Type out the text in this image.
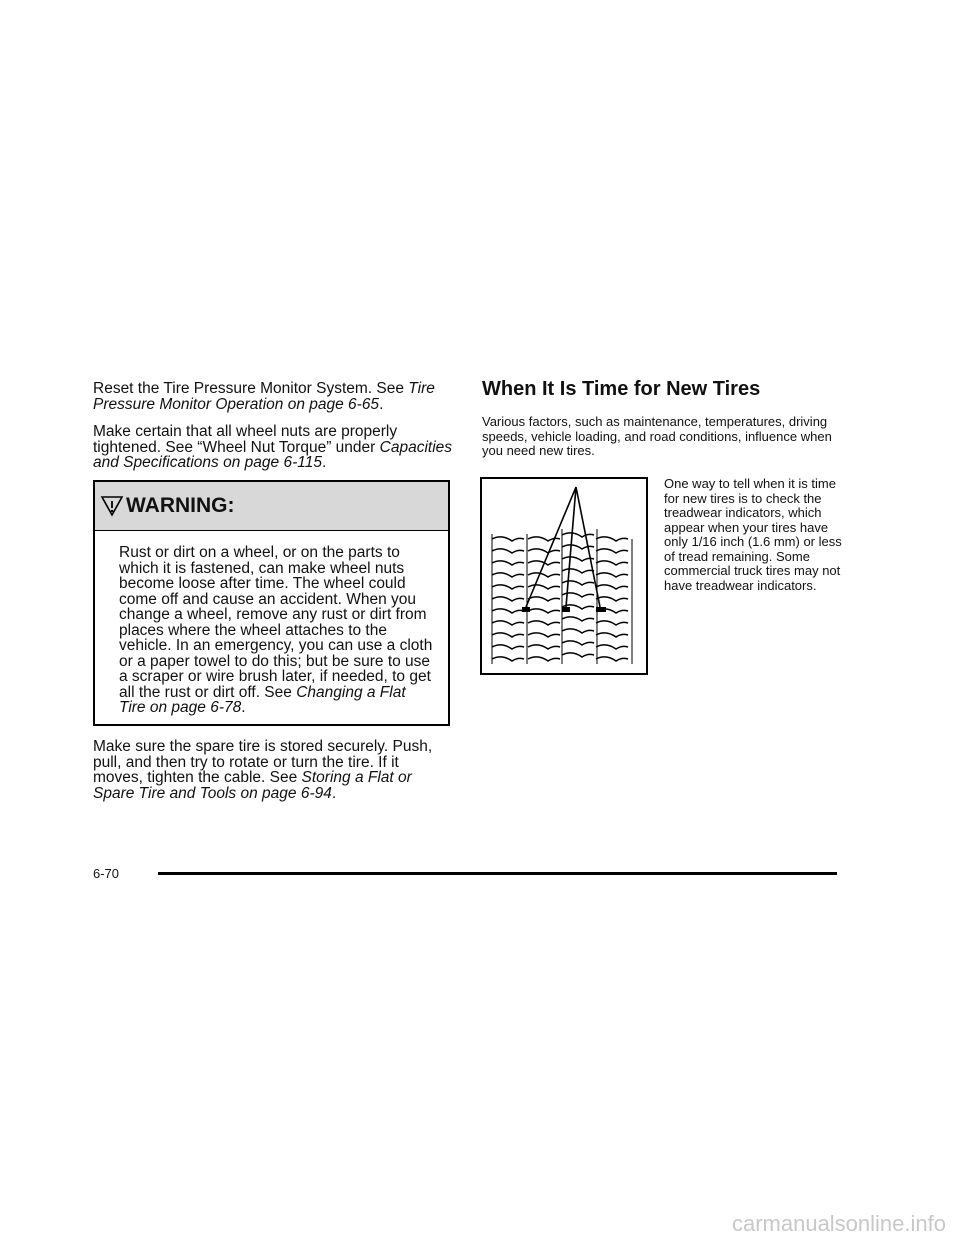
Reset the Tire Pressure Monitor System. See Tire Pressure Monitor Operation on page 6-65.

Make certain that all wheel nuts are properly tightened. See “Wheel Nut Torque” under Capacities and Specifications on page 6-115.

WARNING:
Rust or dirt on a wheel, or on the parts to which it is fastened, can make wheel nuts become loose after time. The wheel could come off and cause an accident. When you change a wheel, remove any rust or dirt from places where the wheel attaches to the vehicle. In an emergency, you can use a cloth or a paper towel to do this; but be sure to use a scraper or wire brush later, if needed, to get all the rust or dirt off. See Changing a Flat Tire on page 6-78.

Make sure the spare tire is stored securely. Push, pull, and then try to rotate or turn the tire. If it moves, tighten the cable. See Storing a Flat or Spare Tire and Tools on page 6-94.

When It Is Time for New Tires

Various factors, such as maintenance, temperatures, driving speeds, vehicle loading, and road conditions, influence when you need new tires.

One way to tell when it is time for new tires is to check the treadwear indicators, which appear when your tires have only 1/16 inch (1.6 mm) or less of tread remaining. Some commercial truck tires may not have treadwear indicators.
6-70
carmanualsonline.info
